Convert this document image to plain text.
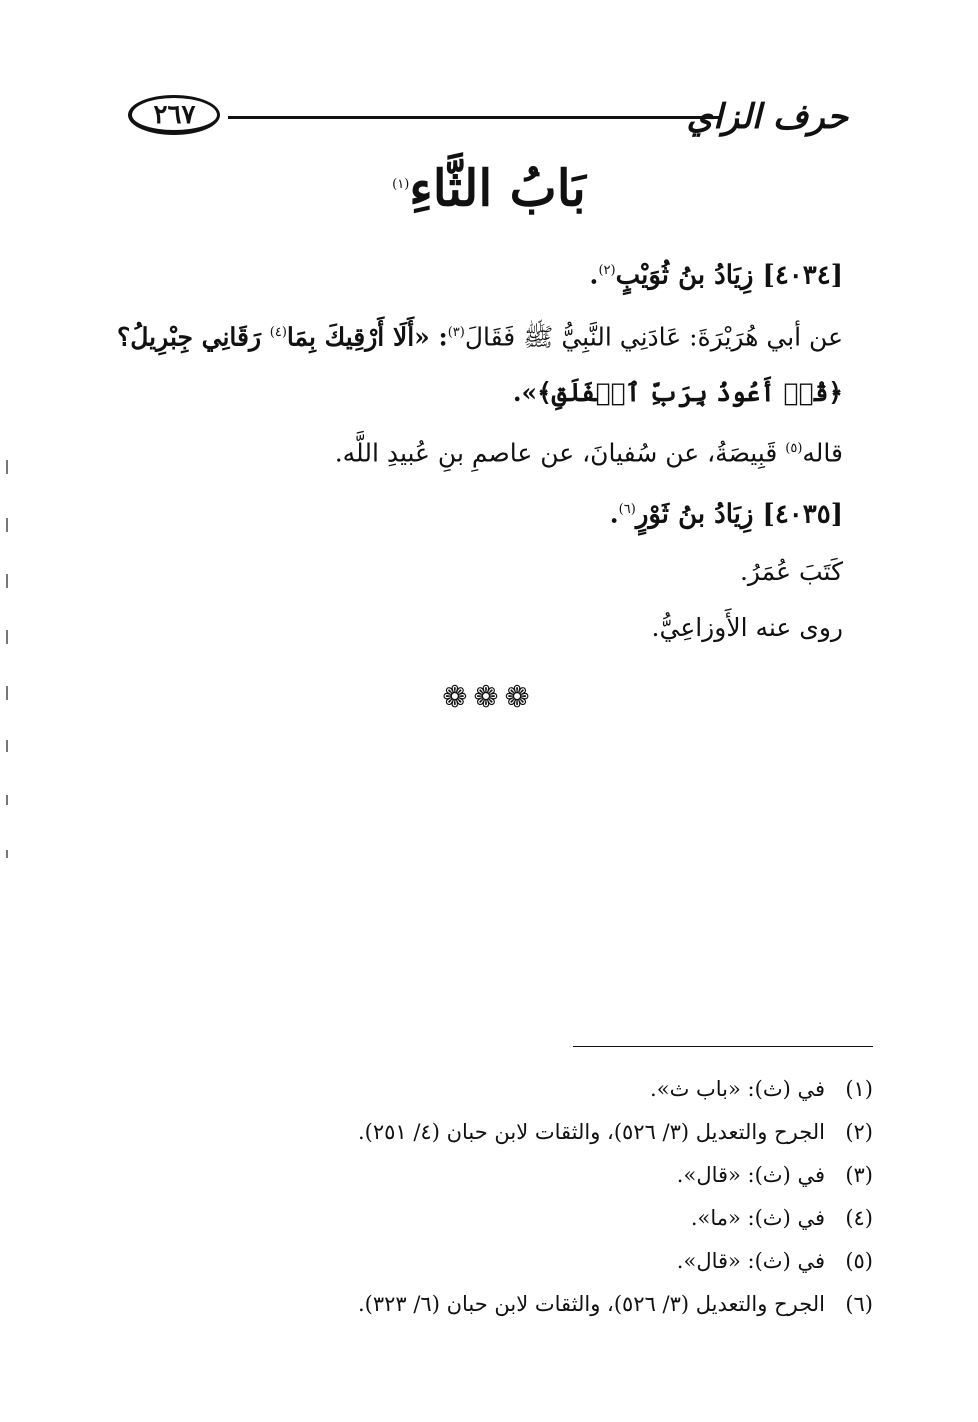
٢٦٧	حرف الزاي
بَابُ الثَّاءِ$^{(١)}$
[٤٠٣٤] زِيَادُ بنُ ثُوَيْبٍ$^{(٢)}$.
عن أبي هُرَيْرَةَ: عَادَنِي النَّبِيُّ ﷺ فَقَالَ$^{(٣)}$: «أَلَا أَرْقِيكَ بِمَا$^{(٤)}$ رَقَانِي جِبْرِيلُ؟
﴿قُلۡ أَعُوذُ بِرَبِّ ٱلۡفَلَقِ﴾».
قاله$^{(٥)}$ قَبِيصَةُ، عن سُفيانَ، عن عاصمِ بنِ عُبيدِ اللَّه.
[٤٠٣٥] زِيَادُ بنُ ثَوْرٍ$^{(٦)}$.
كَتَبَ عُمَرُ.
روى عنه الأَوزاعِيُّ.
❁❁❁
(١)في (ث): «باب ث».
(٢)الجرح والتعديل (٣/ ٥٢٦)، والثقات لابن حبان (٤/ ٢٥١).
(٣)في (ث): «قال».
(٤)في (ث): «ما».
(٥)في (ث): «قال».
(٦)الجرح والتعديل (٣/ ٥٢٦)، والثقات لابن حبان (٦/ ٣٢٣).
